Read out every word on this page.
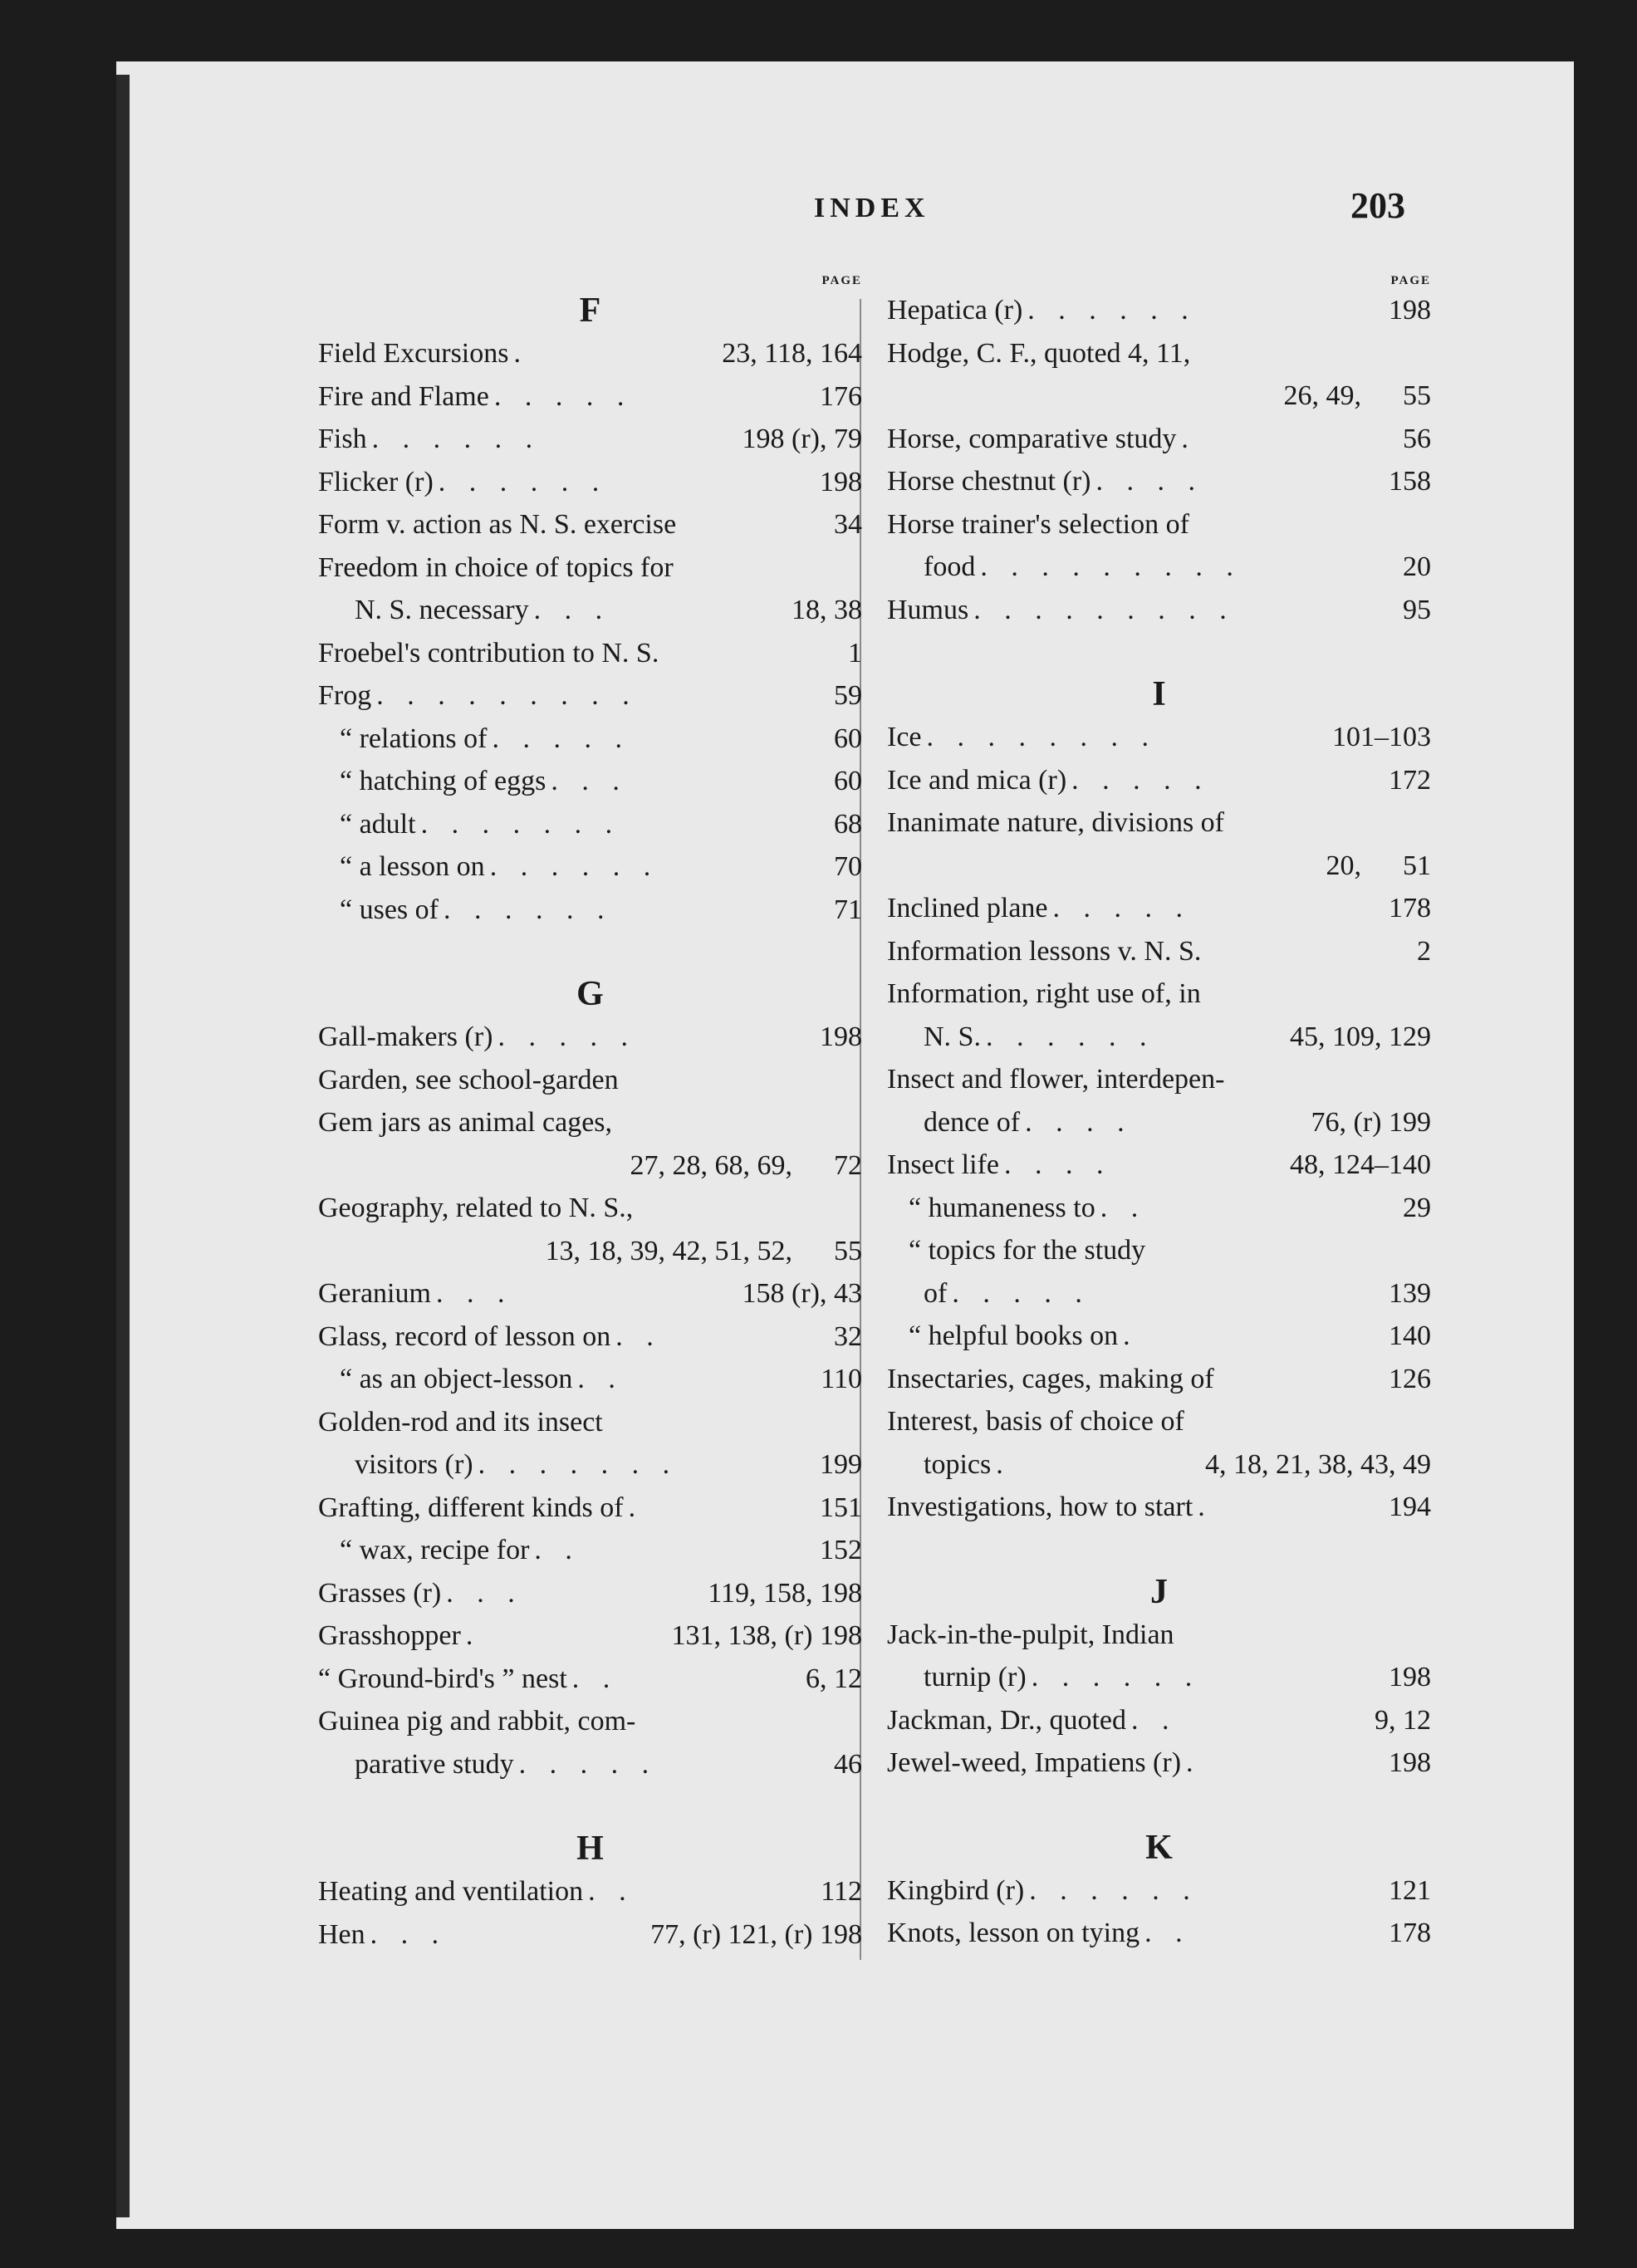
INDEX	203
PAGE
F
Field Excursions .	23, 118, 164
Fire and Flame . . . . .	176
Fish . . . . . .	198 (r), 79
Flicker (r) . . . . . .	198
Form v. action as N. S. exercise	34
Freedom in choice of topics for
N. S. necessary . . .	18, 38
Froebel's contribution to N. S.	1
Frog . . . . . . . . .	59
“ relations of . . . . .	60
“ hatching of eggs . . .	60
“ adult . . . . . . .	68
“ a lesson on . . . . . .	70
“ uses of . . . . . .	71
G
Gall-makers (r) . . . . .	198
Garden, see school-garden
Gem jars as animal cages,
27, 28, 68, 69,	72
Geography, related to N. S.,
13, 18, 39, 42, 51, 52,	55
Geranium . . .	158 (r), 43
Glass, record of lesson on . .	32
“ as an object-lesson . .	110
Golden-rod and its insect
visitors (r) . . . . . . .	199
Grafting, different kinds of .	151
“ wax, recipe for . .	152
Grasses (r) . . .	119, 158, 198
Grasshopper .	131, 138, (r) 198
“ Ground-bird's ” nest . .	6, 12
Guinea pig and rabbit, com-
parative study . . . . .	46
H
Heating and ventilation . .	112
Hen . . .	77, (r) 121, (r) 198
PAGE
Hepatica (r) . . . . . .	198
Hodge, C. F., quoted 4, 11,
26, 49,	55
Horse, comparative study .	56
Horse chestnut (r) . . . .	158
Horse trainer's selection of
food . . . . . . . . .	20
Humus . . . . . . . . .	95
I
Ice . . . . . . . .	101–103
Ice and mica (r) . . . . .	172
Inanimate nature, divisions of
20,	51
Inclined plane . . . . .	178
Information lessons v. N. S.	2
Information, right use of, in
N. S. . . . . . .	45, 109, 129
Insect and flower, interdepen-
dence of . . . .	76, (r) 199
Insect life . . . .	48, 124–140
“ humaneness to . .	29
“ topics for the study
of . . . . .	139
“ helpful books on .	140
Insectaries, cages, making of	126
Interest, basis of choice of
topics .	4, 18, 21, 38, 43, 49
Investigations, how to start .	194
J
Jack-in-the-pulpit, Indian
turnip (r) . . . . . .	198
Jackman, Dr., quoted . .	9, 12
Jewel-weed, Impatiens (r) .	198
K
Kingbird (r) . . . . . .	121
Knots, lesson on tying . .	178
